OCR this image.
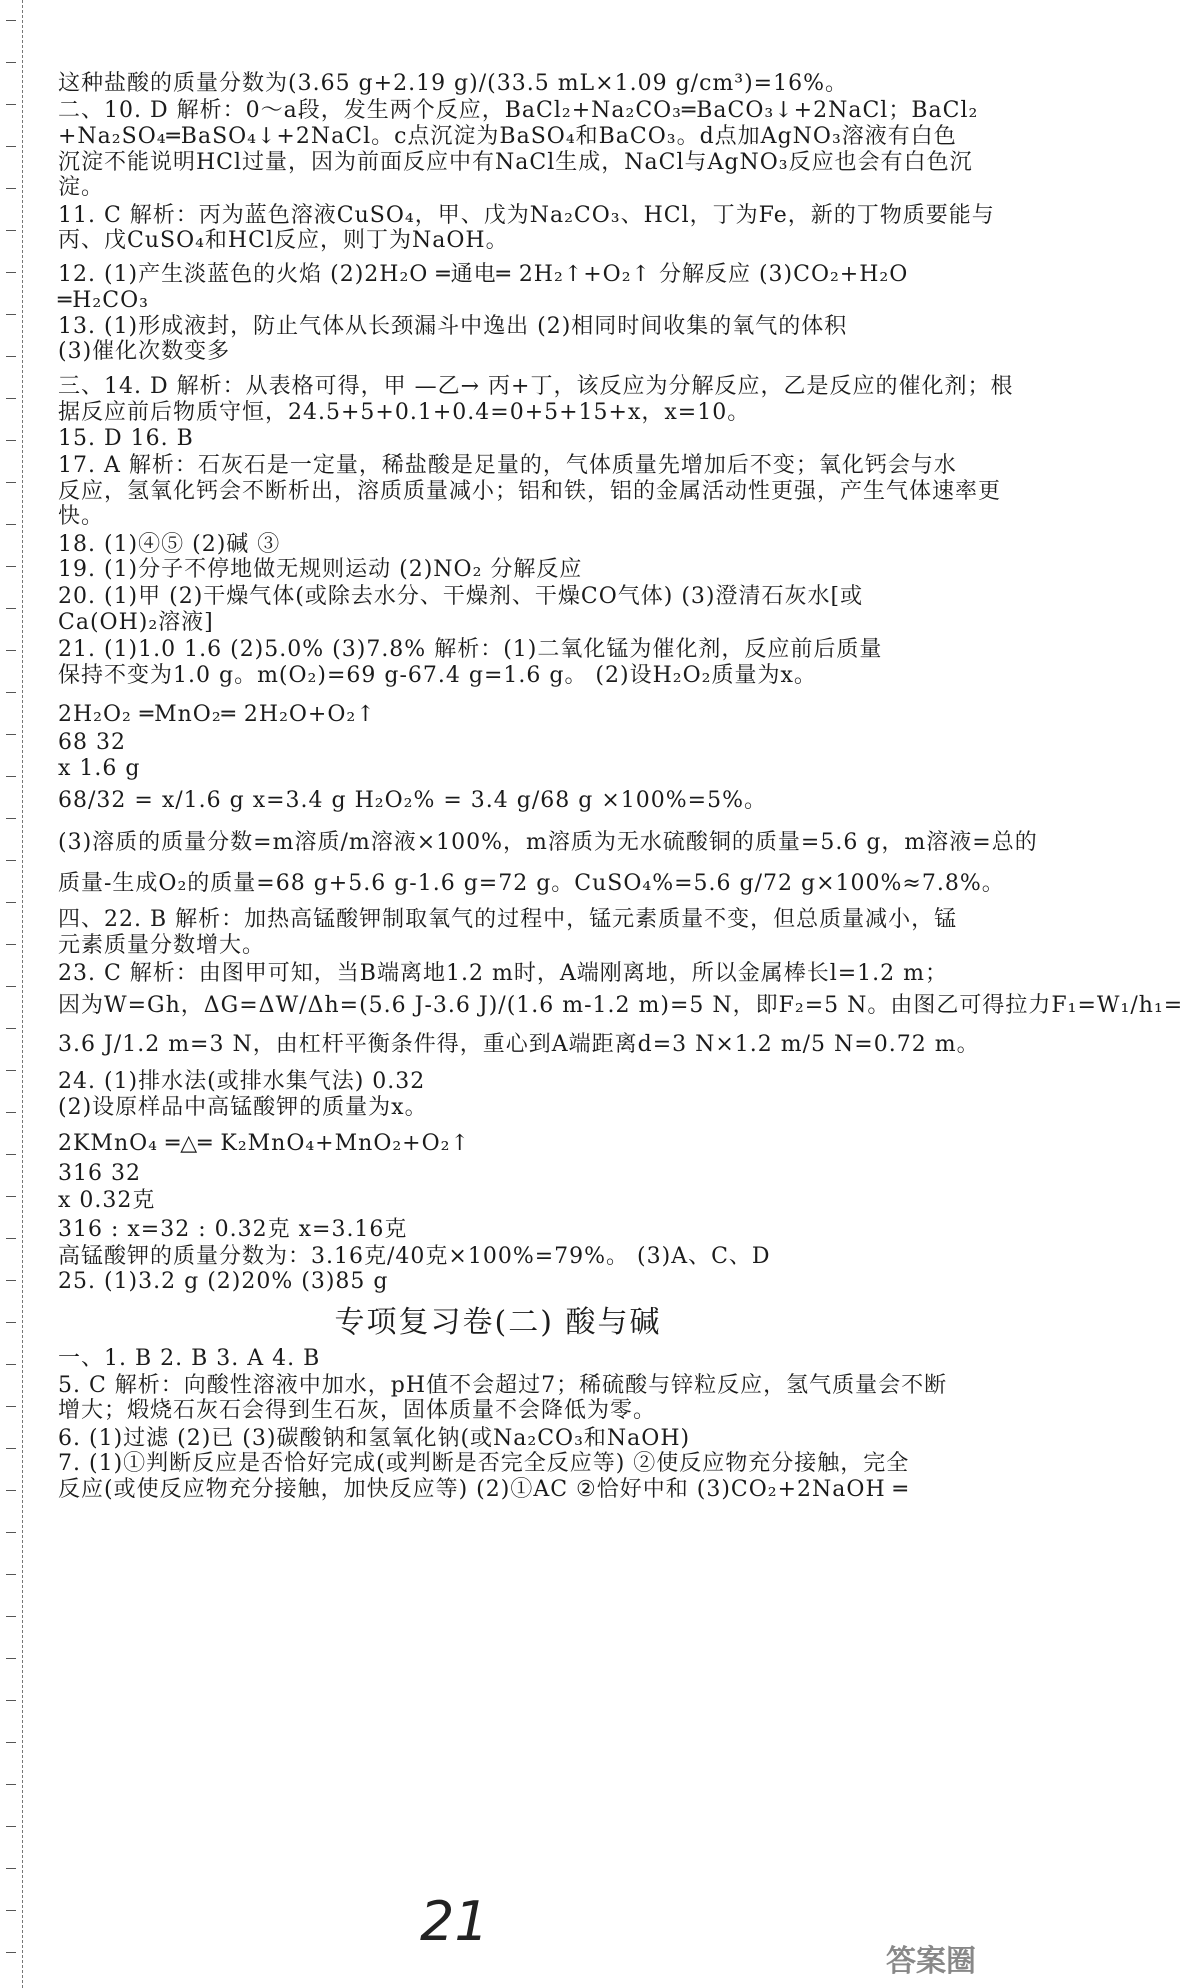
这种盐酸的质量分数为(3.65 g+2.19 g)/(33.5 mL×1.09 g/cm³)=16%。
二、10. D 解析：0～a段，发生两个反应，BaCl₂+Na₂CO₃═BaCO₃↓+2NaCl；BaCl₂
+Na₂SO₄═BaSO₄↓+2NaCl。c点沉淀为BaSO₄和BaCO₃。d点加AgNO₃溶液有白色
沉淀不能说明HCl过量，因为前面反应中有NaCl生成，NaCl与AgNO₃反应也会有白色沉
淀。
11. C 解析：丙为蓝色溶液CuSO₄，甲、戊为Na₂CO₃、HCl，丁为Fe，新的丁物质要能与
丙、戊CuSO₄和HCl反应，则丁为NaOH。
12. (1)产生淡蓝色的火焰 (2)2H₂O ═通电═ 2H₂↑+O₂↑ 分解反应 (3)CO₂+H₂O
═H₂CO₃
13. (1)形成液封，防止气体从长颈漏斗中逸出 (2)相同时间收集的氧气的体积
(3)催化次数变多
三、14. D 解析：从表格可得，甲 —乙→ 丙+丁，该反应为分解反应，乙是反应的催化剂；根
据反应前后物质守恒，24.5+5+0.1+0.4=0+5+15+x，x=10。
15. D 16. B
17. A 解析：石灰石是一定量，稀盐酸是足量的，气体质量先增加后不变；氧化钙会与水
反应，氢氧化钙会不断析出，溶质质量减小；铝和铁，铝的金属活动性更强，产生气体速率更
快。
18. (1)④⑤ (2)碱 ③
19. (1)分子不停地做无规则运动 (2)NO₂ 分解反应
20. (1)甲 (2)干燥气体(或除去水分、干燥剂、干燥CO气体) (3)澄清石灰水[或
Ca(OH)₂溶液]
21. (1)1.0 1.6 (2)5.0% (3)7.8% 解析：(1)二氧化锰为催化剂，反应前后质量
保持不变为1.0 g。m(O₂)=69 g-67.4 g=1.6 g。 (2)设H₂O₂质量为x。
2H₂O₂ ═MnO₂═ 2H₂O+O₂↑
68 32
x 1.6 g
68/32 = x/1.6 g x=3.4 g H₂O₂% = 3.4 g/68 g ×100%=5%。
(3)溶质的质量分数=m溶质/m溶液×100%，m溶质为无水硫酸铜的质量=5.6 g，m溶液=总的
质量-生成O₂的质量=68 g+5.6 g-1.6 g=72 g。CuSO₄%=5.6 g/72 g×100%≈7.8%。
四、22. B 解析：加热高锰酸钾制取氧气的过程中，锰元素质量不变，但总质量减小，锰
元素质量分数增大。
23. C 解析：由图甲可知，当B端离地1.2 m时，A端刚离地，所以金属棒长l=1.2 m；
因为W=Gh，ΔG=ΔW/Δh=(5.6 J-3.6 J)/(1.6 m-1.2 m)=5 N，即F₂=5 N。由图乙可得拉力F₁=W₁/h₁=
3.6 J/1.2 m=3 N，由杠杆平衡条件得，重心到A端距离d=3 N×1.2 m/5 N=0.72 m。
24. (1)排水法(或排水集气法) 0.32
(2)设原样品中高锰酸钾的质量为x。
2KMnO₄ ═△═ K₂MnO₄+MnO₂+O₂↑
316 32
x 0.32克
316 : x=32 : 0.32克 x=3.16克
高锰酸钾的质量分数为：3.16克/40克×100%=79%。 (3)A、C、D
25. (1)3.2 g (2)20% (3)85 g
专项复习卷(二) 酸与碱
一、1. B 2. B 3. A 4. B
5. C 解析：向酸性溶液中加水，pH值不会超过7；稀硫酸与锌粒反应，氢气质量会不断
增大；煅烧石灰石会得到生石灰，固体质量不会降低为零。
6. (1)过滤 (2)已 (3)碳酸钠和氢氧化钠(或Na₂CO₃和NaOH)
7. (1)①判断反应是否恰好完成(或判断是否完全反应等) ②使反应物充分接触，完全
反应(或使反应物充分接触，加快反应等) (2)①AC ②恰好中和 (3)CO₂+2NaOH ═
21
答案圈
